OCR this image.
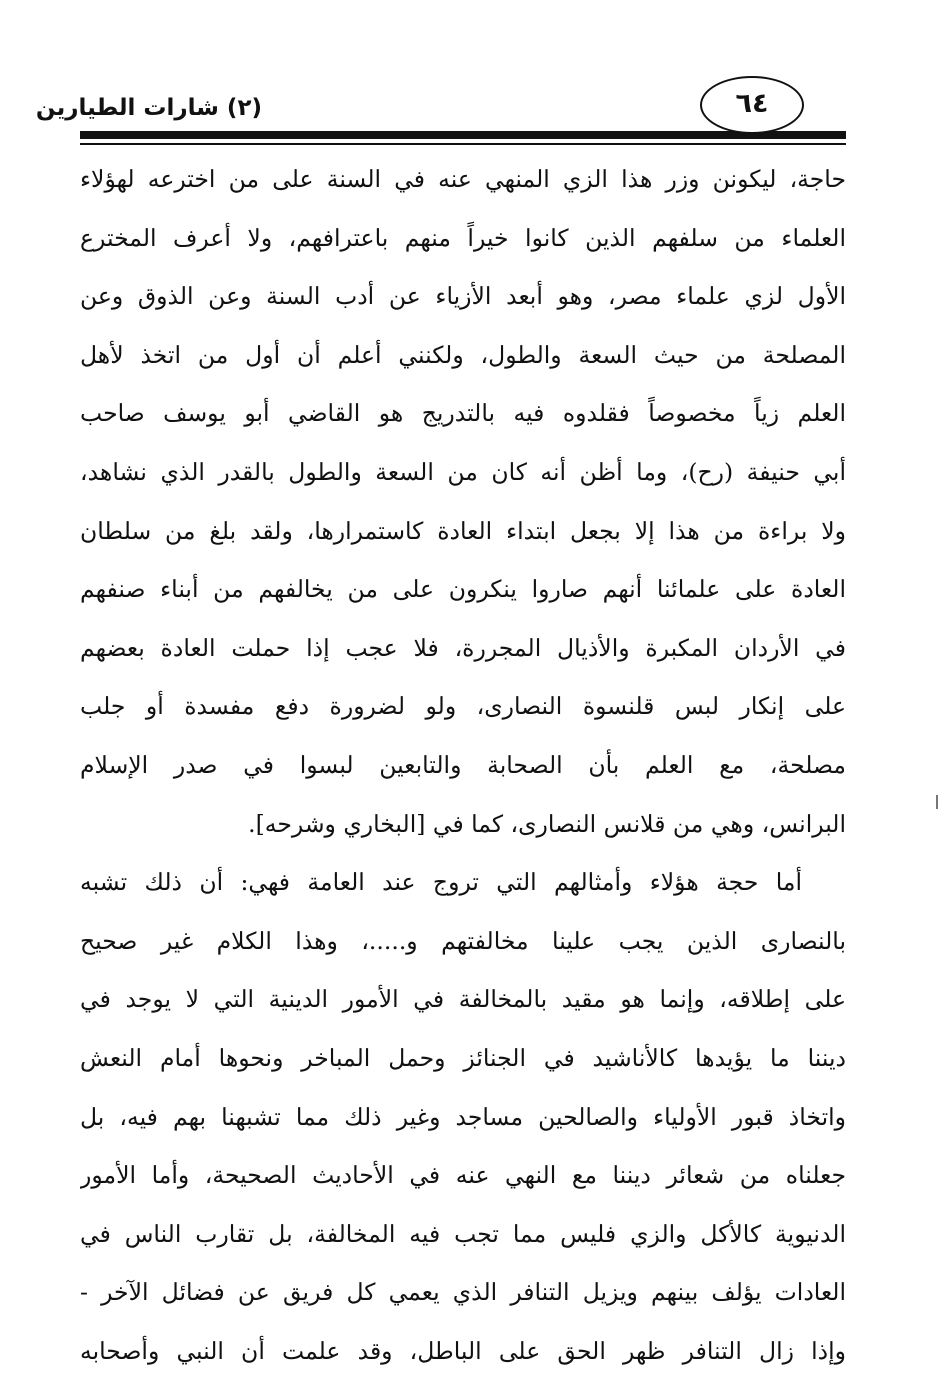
(٢) شارات الطيارين	٦٤
حاجة، ليكونن وزر هذا الزي المنهي عنه في السنة على من اخترعه لهؤلاء
العلماء من سلفهم الذين كانوا خيراً منهم باعترافهم، ولا أعرف المخترع
الأول لزي علماء مصر، وهو أبعد الأزياء عن أدب السنة وعن الذوق وعن
المصلحة من حيث السعة والطول، ولكنني أعلم أن أول من اتخذ لأهل
العلم زياً مخصوصاً فقلدوه فيه بالتدريج هو القاضي أبو يوسف صاحب
أبي حنيفة (رح)، وما أظن أنه كان من السعة والطول بالقدر الذي نشاهد،
ولا براءة من هذا إلا بجعل ابتداء العادة كاستمرارها، ولقد بلغ من سلطان
العادة على علمائنا أنهم صاروا ينكرون على من يخالفهم من أبناء صنفهم
في الأردان المكبرة والأذيال المجررة، فلا عجب إذا حملت العادة بعضهم
على إنكار لبس قلنسوة النصارى، ولو لضرورة دفع مفسدة أو جلب
مصلحة، مع العلم بأن الصحابة والتابعين لبسوا في صدر الإسلام
البرانس، وهي من قلانس النصارى، كما في [البخاري وشرحه].
أما حجة هؤلاء وأمثالهم التي تروج عند العامة فهي: أن ذلك تشبه
بالنصارى الذين يجب علينا مخالفتهم و.....، وهذا الكلام غير صحيح
على إطلاقه، وإنما هو مقيد بالمخالفة في الأمور الدينية التي لا يوجد في
ديننا ما يؤيدها كالأناشيد في الجنائز وحمل المباخر ونحوها أمام النعش
واتخاذ قبور الأولياء والصالحين مساجد وغير ذلك مما تشبهنا بهم فيه، بل
جعلناه من شعائر ديننا مع النهي عنه في الأحاديث الصحيحة، وأما الأمور
الدنيوية كالأكل والزي فليس مما تجب فيه المخالفة، بل تقارب الناس في
العادات يؤلف بينهم ويزيل التنافر الذي يعمي كل فريق عن فضائل الآخر -
وإذا زال التنافر ظهر الحق على الباطل، وقد علمت أن النبي وأصحابه
